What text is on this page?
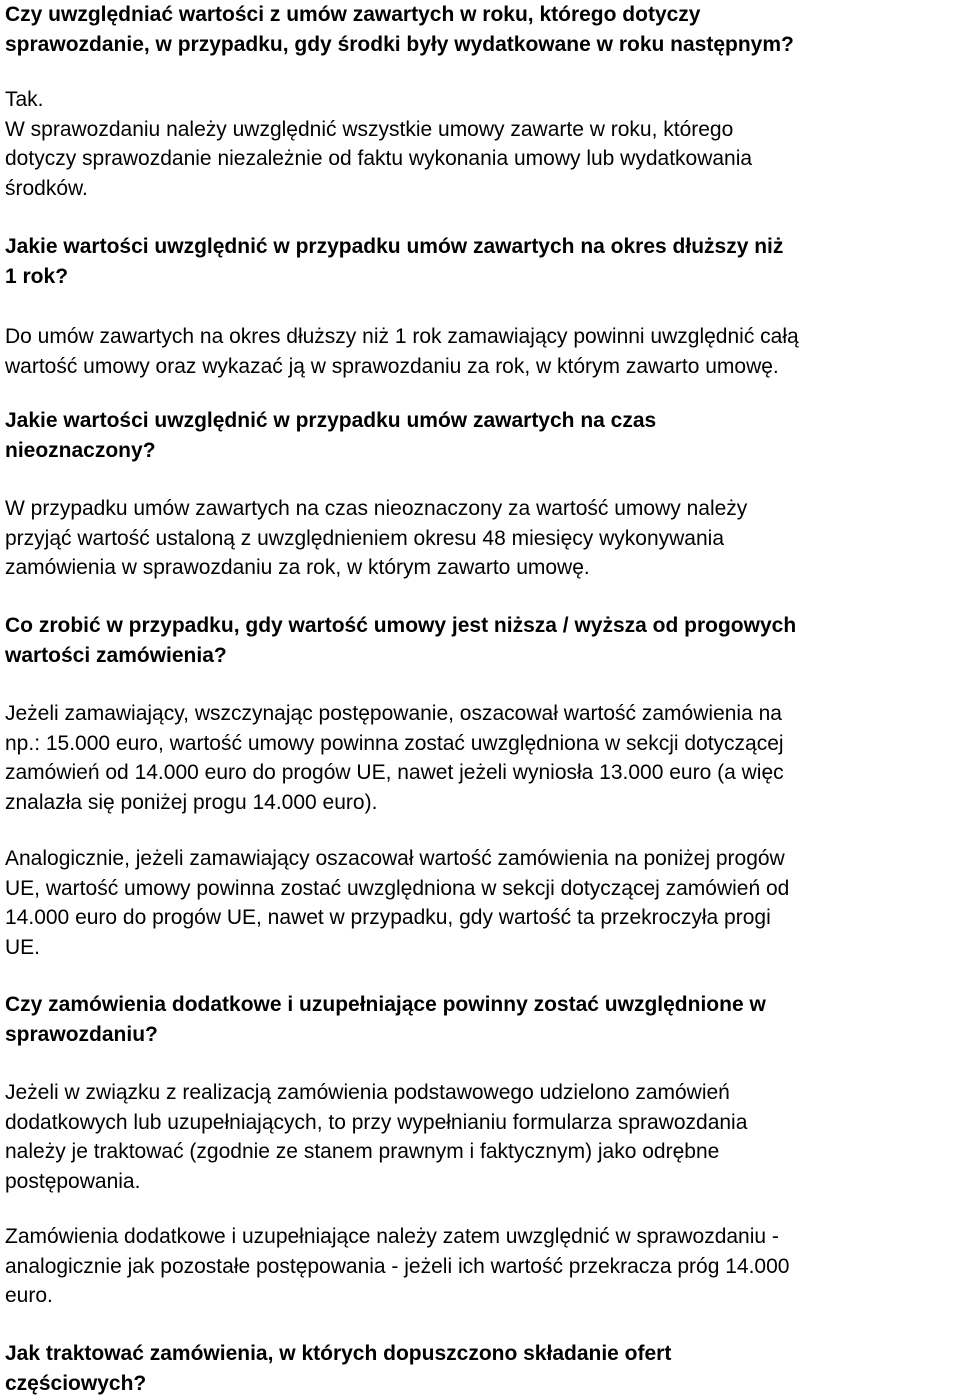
Czy uwzględniać wartości z umów zawartych w roku, którego dotyczy
sprawozdanie, w przypadku, gdy środki były wydatkowane w roku następnym?
Tak.
W sprawozdaniu należy uwzględnić wszystkie umowy zawarte w roku, którego
dotyczy sprawozdanie niezależnie od faktu wykonania umowy lub wydatkowania
środków.
Jakie wartości uwzględnić w przypadku umów zawartych na okres dłuższy niż
1 rok?
Do umów zawartych na okres dłuższy niż 1 rok zamawiający powinni uwzględnić całą
wartość umowy oraz wykazać ją w sprawozdaniu za rok, w którym zawarto umowę.
Jakie wartości uwzględnić w przypadku umów zawartych na czas
nieoznaczony?
W przypadku umów zawartych na czas nieoznaczony za wartość umowy należy
przyjąć wartość ustaloną z uwzględnieniem okresu 48 miesięcy wykonywania
zamówienia w sprawozdaniu za rok, w którym zawarto umowę.
Co zrobić w przypadku, gdy wartość umowy jest niższa / wyższa od progowych
wartości zamówienia?
Jeżeli zamawiający, wszczynając postępowanie, oszacował wartość zamówienia na
np.: 15.000 euro, wartość umowy powinna zostać uwzględniona w sekcji dotyczącej
zamówień od 14.000 euro do progów UE, nawet jeżeli wyniosła 13.000 euro (a więc
znalazła się poniżej progu 14.000 euro).
Analogicznie, jeżeli zamawiający oszacował wartość zamówienia na poniżej progów
UE, wartość umowy powinna zostać uwzględniona w sekcji dotyczącej zamówień od
14.000 euro do progów UE, nawet w przypadku, gdy wartość ta przekroczyła progi
UE.
Czy zamówienia dodatkowe i uzupełniające powinny zostać uwzględnione w
sprawozdaniu?
Jeżeli w związku z realizacją zamówienia podstawowego udzielono zamówień
dodatkowych lub uzupełniających, to przy wypełnianiu formularza sprawozdania
należy je traktować (zgodnie ze stanem prawnym i faktycznym) jako odrębne
postępowania.
Zamówienia dodatkowe i uzupełniające należy zatem uwzględnić w sprawozdaniu -
analogicznie jak pozostałe postępowania - jeżeli ich wartość przekracza próg 14.000
euro.
Jak traktować zamówienia, w których dopuszczono składanie ofert
częściowych?
